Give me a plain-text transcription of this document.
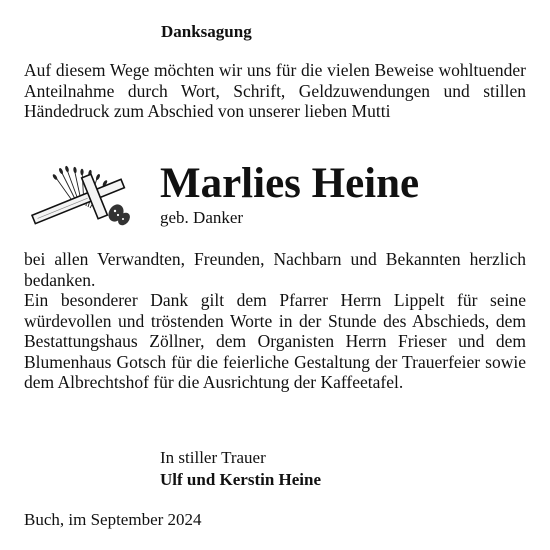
Danksagung

Auf diesem Wege möchten wir uns für die vielen Beweise wohltuender Anteilnahme durch Wort, Schrift, Geldzuwendungen und stillen Händedruck zum Abschied von unserer lieben Mutti

Marlies Heine
geb. Danker

bei allen Verwandten, Freunden, Nachbarn und Bekannten herzlich bedanken.

Ein besonderer Dank gilt dem Pfarrer Herrn Lippelt für seine würdevollen und tröstenden Worte in der Stunde des Abschieds, dem Bestattungshaus Zöllner, dem Organisten Herrn Frieser und dem Blumenhaus Gotsch für die feierliche Gestaltung der Trauerfeier sowie dem Albrechtshof für die Ausrichtung der Kaffeetafel.

In stiller Trauer
Ulf und Kerstin Heine
Buch, im September 2024
